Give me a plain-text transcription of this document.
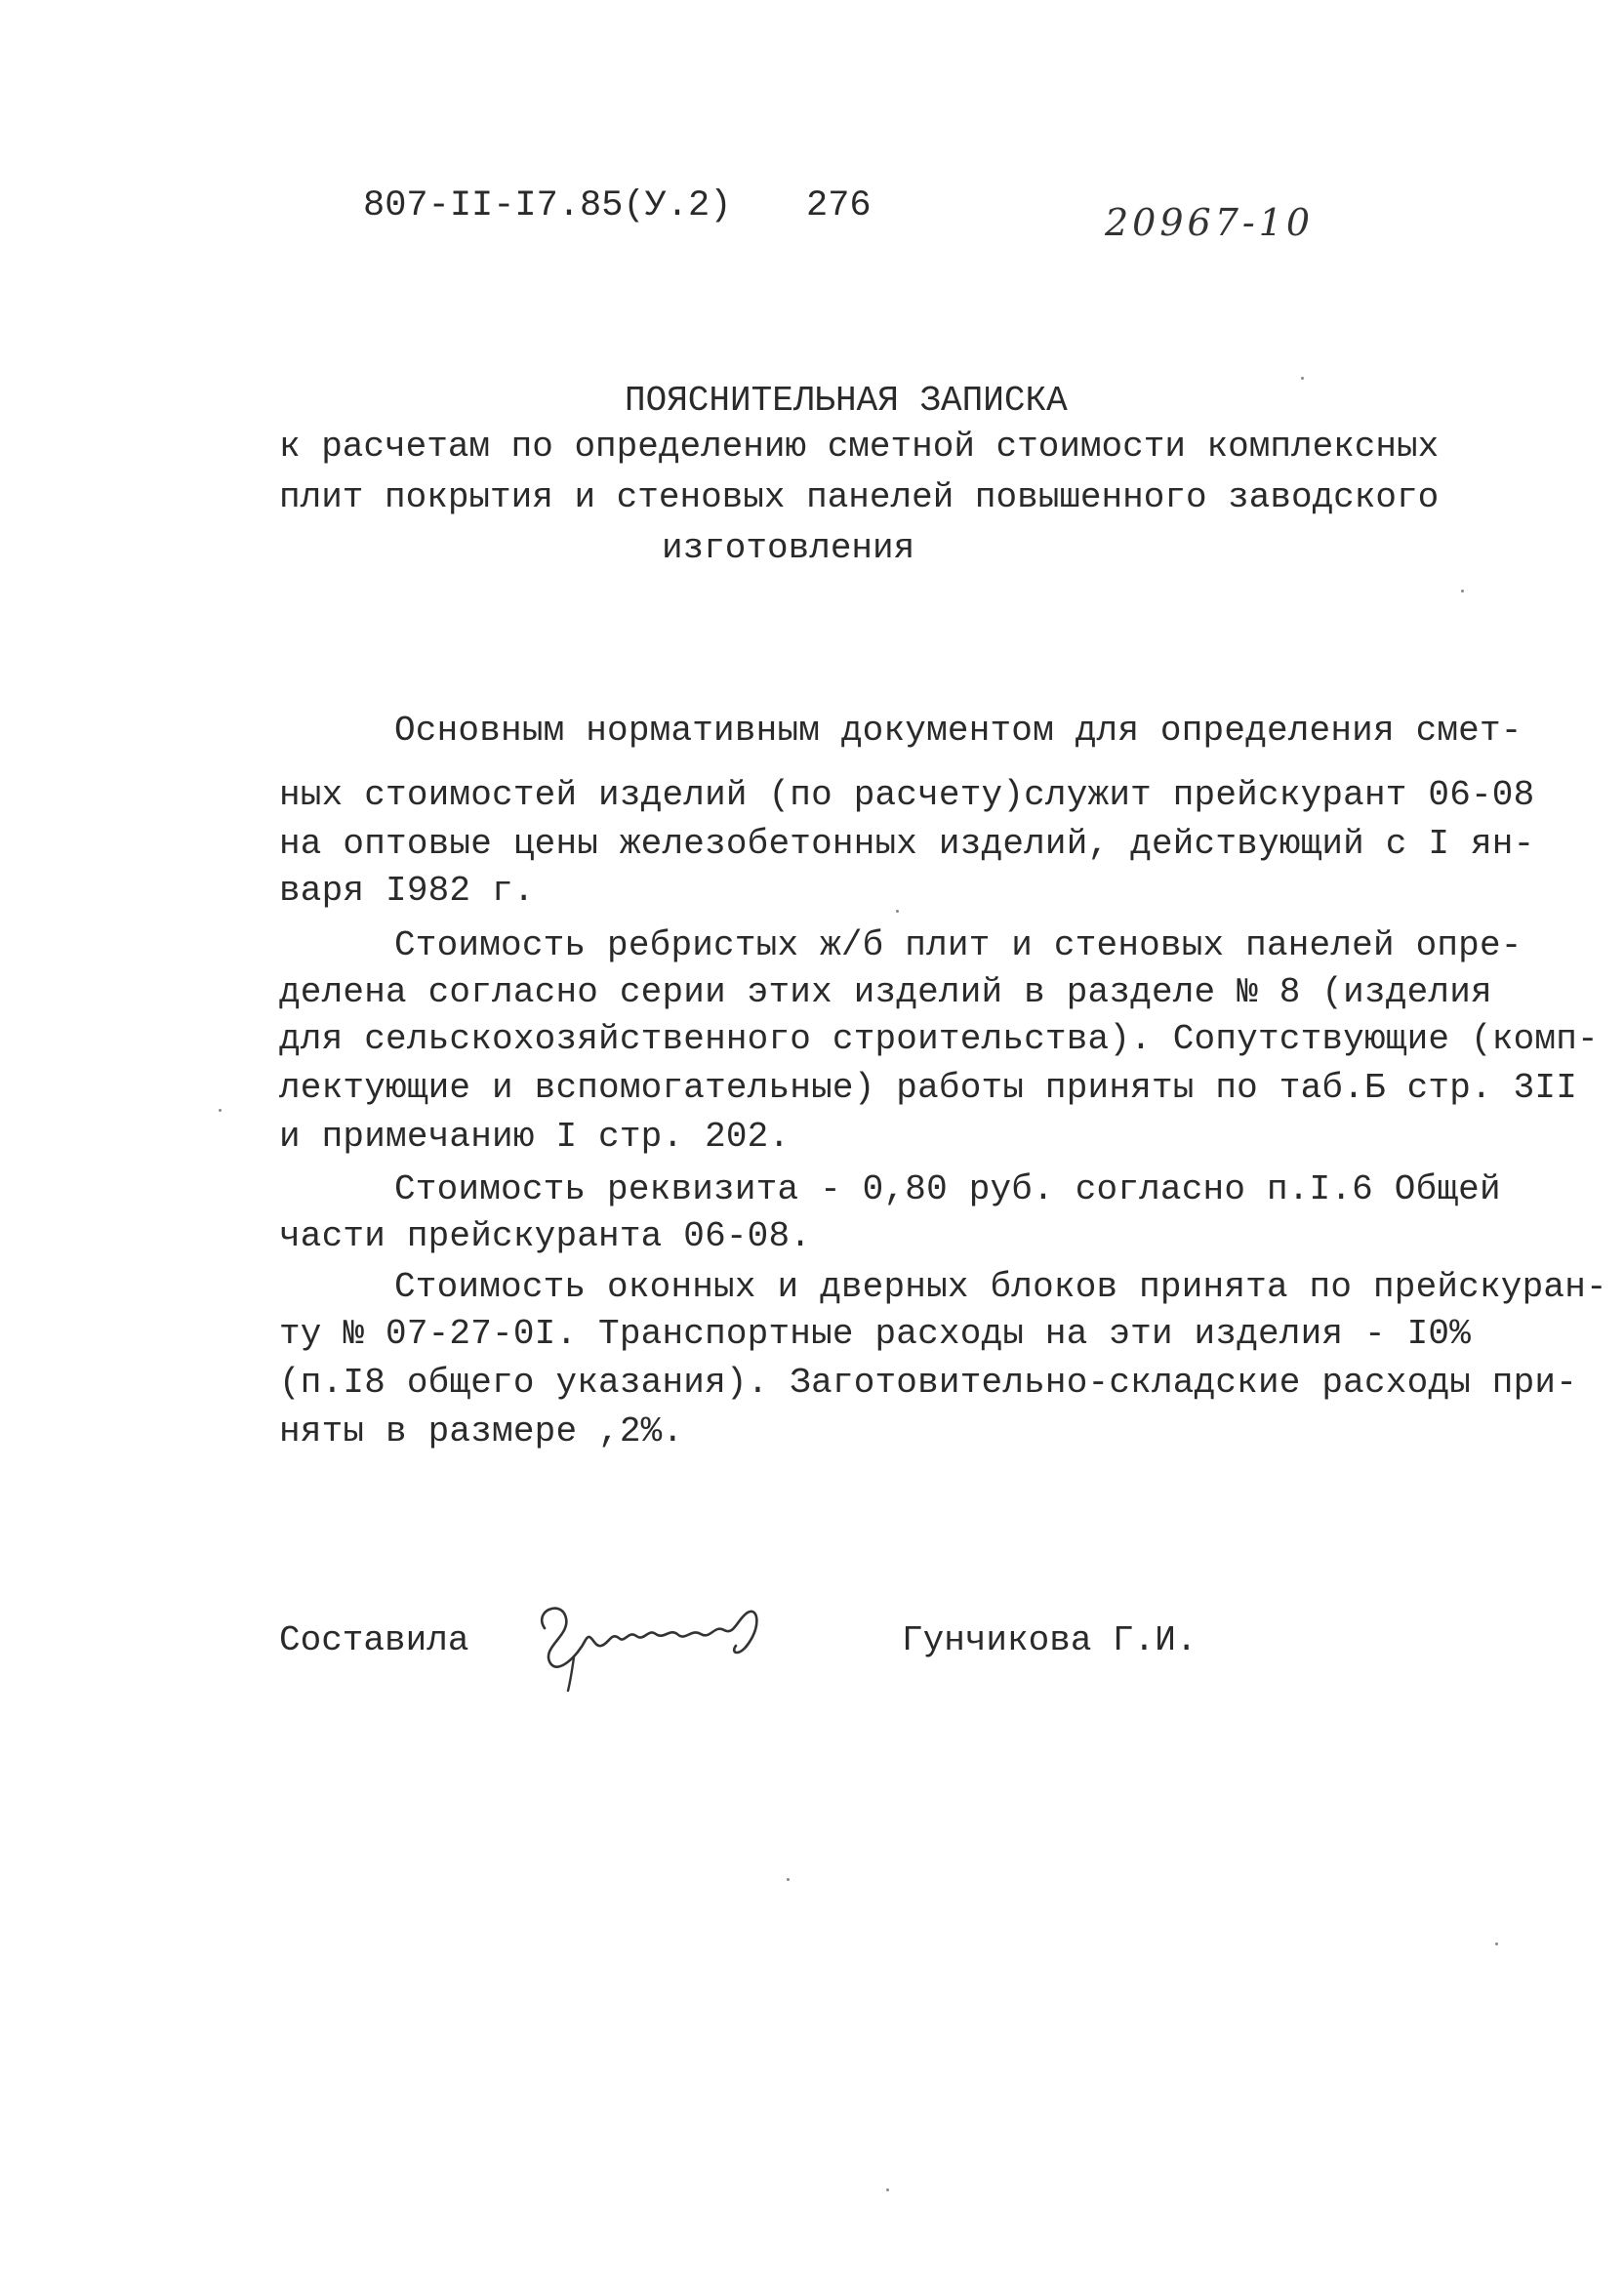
807-II-I7.85(У.2) 276	20967-10
ПОЯСНИТЕЛЬНАЯ ЗАПИСКА
к расчетам по определению сметной стоимости комплексных
плит покрытия и стеновых панелей повышенного заводского
изготовления
Основным нормативным документом для определения смет-
ных стоимостей изделий (по расчету)служит прейскурант 06-08
на оптовые цены железобетонных изделий, действующий с I ян-
варя I982 г.
Стоимость ребристых ж/б плит и стеновых панелей опре-
делена согласно серии этих изделий в разделе № 8 (изделия
для сельскохозяйственного строительства). Сопутствующие (комп-
лектующие и вспомогательные) работы приняты по таб.Б стр. 3II
и примечанию I стр. 202.
Стоимость реквизита - 0,80 руб. согласно п.I.6 Общей
части прейскуранта 06-08.
Стоимость оконных и дверных блоков принята по прейскуран-
ту № 07-27-0I. Транспортные расходы на эти изделия - I0%
(п.I8 общего указания). Заготовительно-складские расходы при-
няты в размере ,2%.
Составила	Гунчикова Г.И.
